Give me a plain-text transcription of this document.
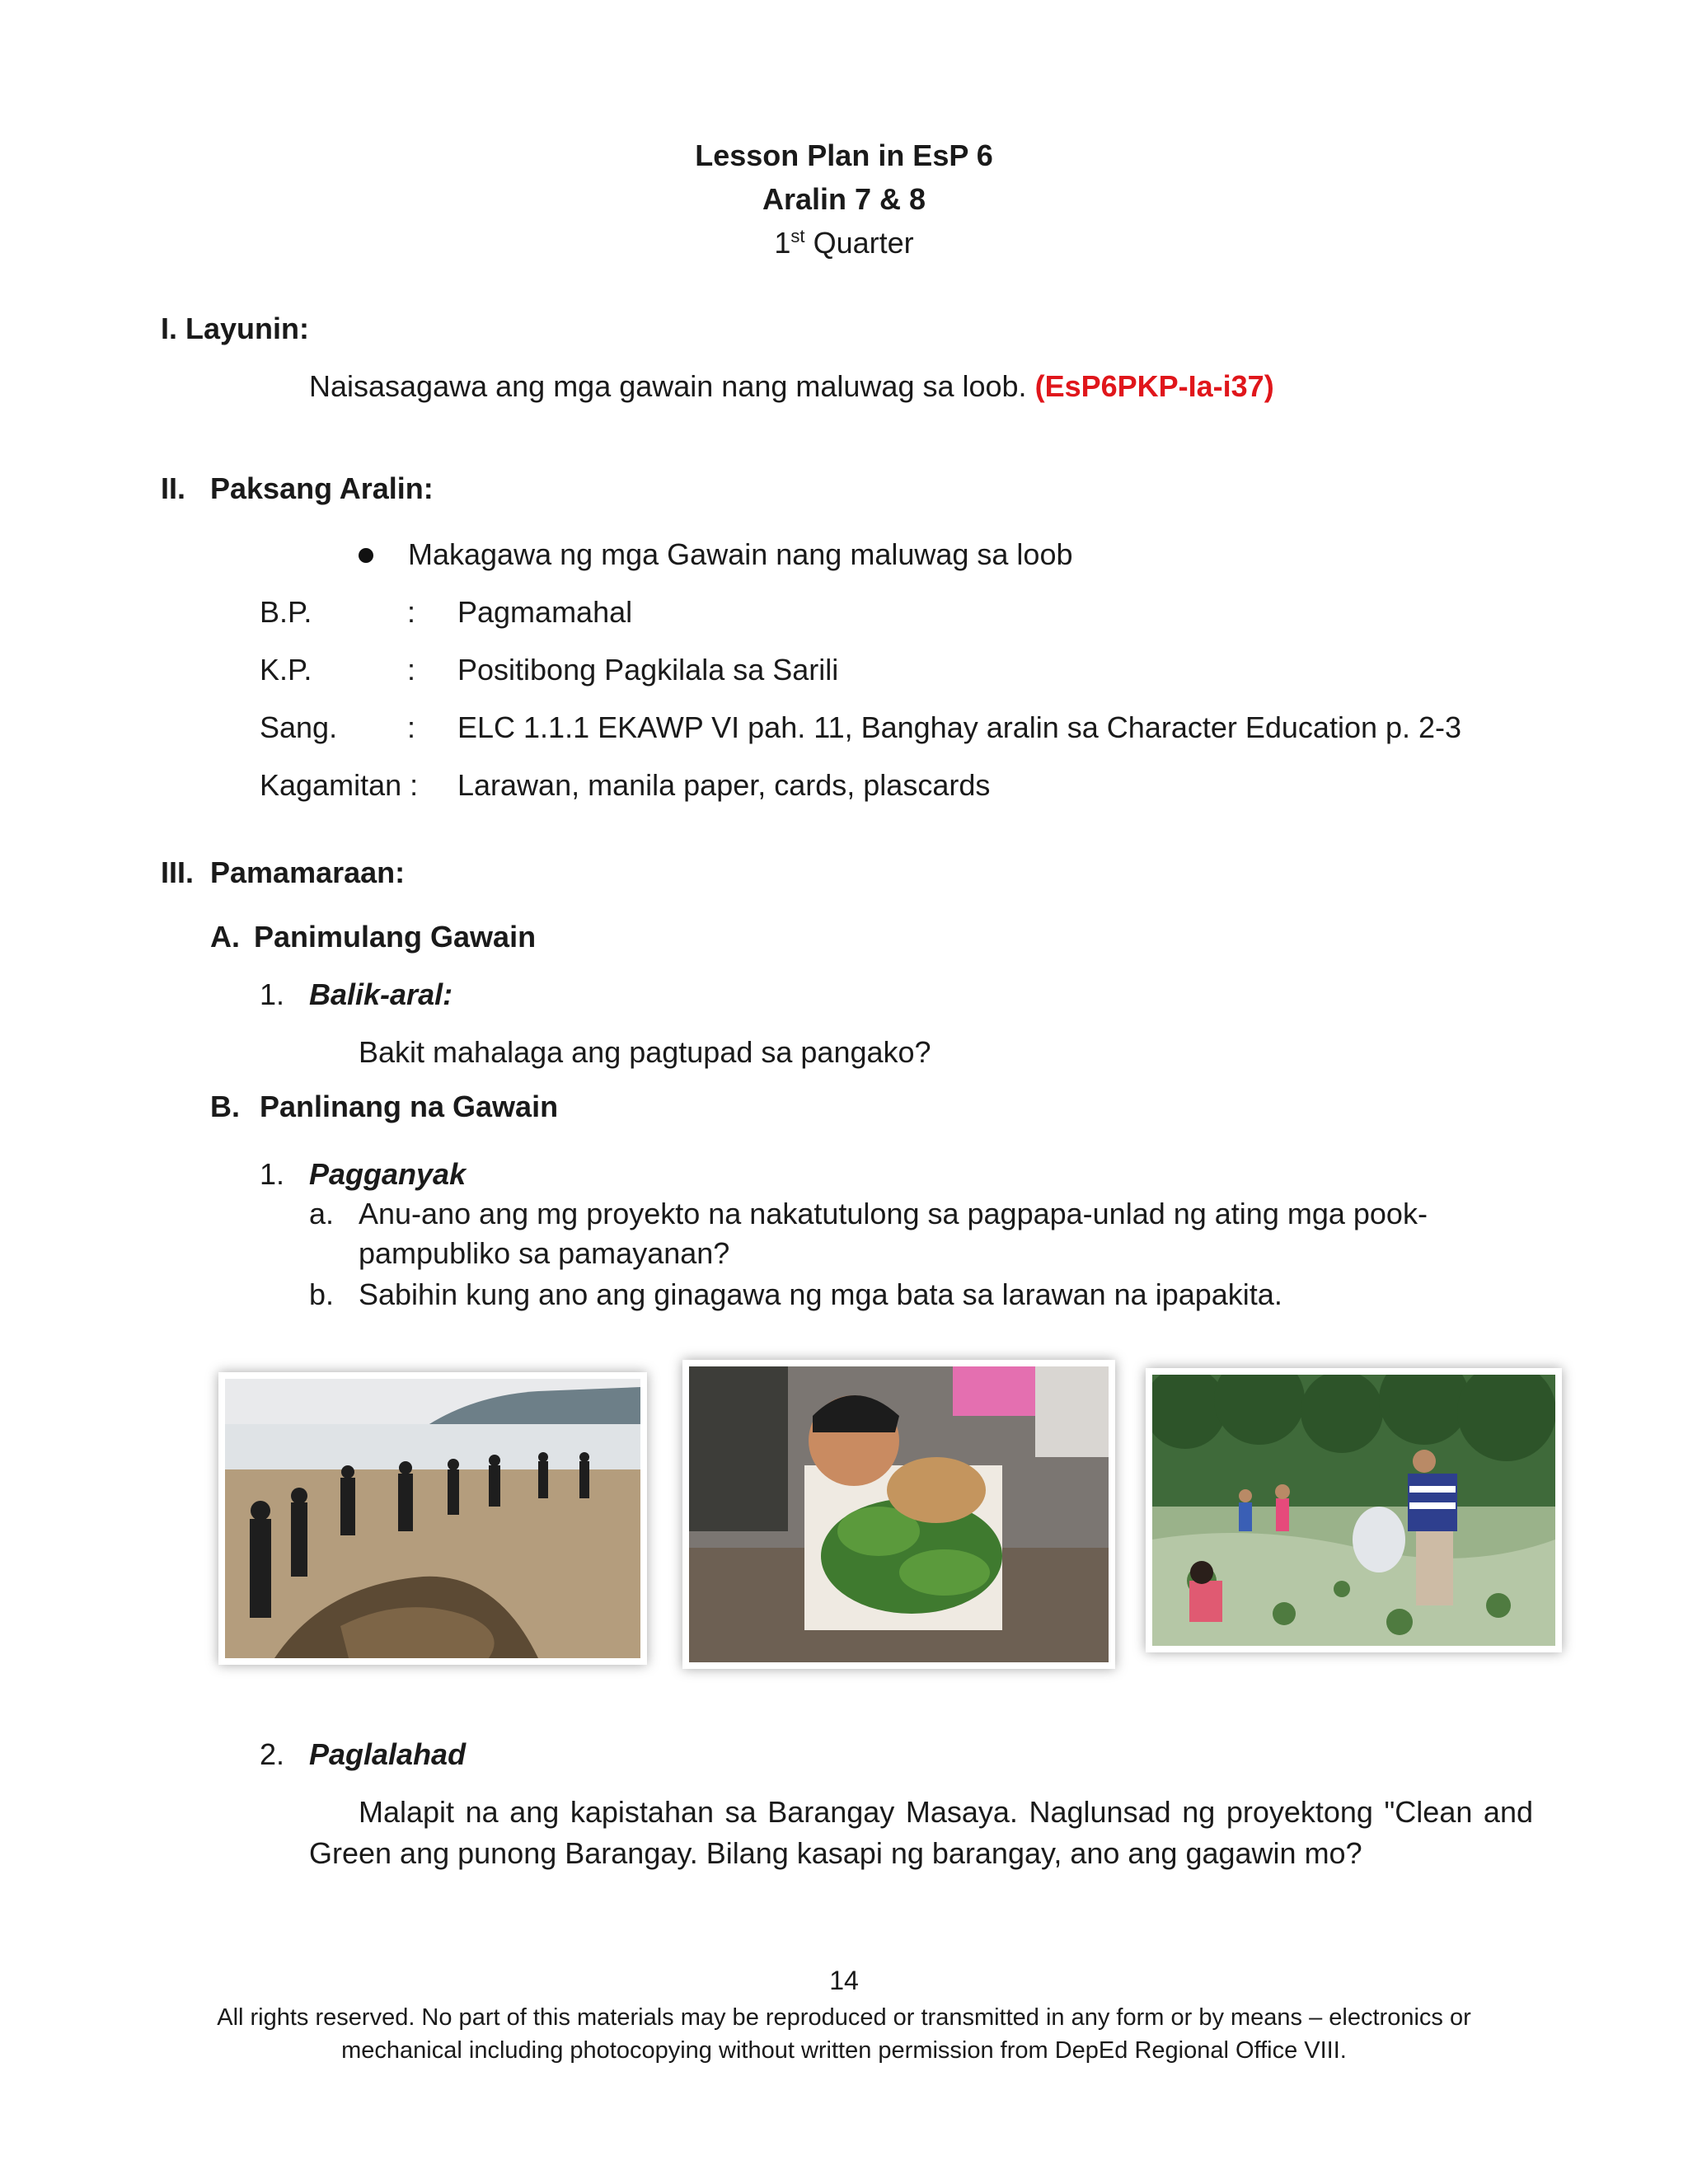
Lesson Plan in EsP 6
Aralin 7 & 8
1st Quarter
I. Layunin:
Naisasagawa ang mga gawain nang maluwag sa loob. (EsP6PKP-Ia-i37)
II. Paksang Aralin:
Makagawa ng mga Gawain nang maluwag sa loob
B.P.	: Pagmamahal
K.P.	: Positibong Pagkilala sa Sarili
Sang. : ELC 1.1.1 EKAWP VI pah. 11, Banghay aralin sa Character Education p. 2-3
Kagamitan : Larawan, manila paper, cards, plascards
III. Pamamaraan:
A. Panimulang Gawain
1. Balik-aral:
Bakit mahalaga ang pagtupad sa pangako?
B. Panlinang na Gawain
1. Pagganyak
a. Anu-ano ang mg proyekto na nakatutulong sa pagpapa-unlad ng ating mga pook-
pampubliko sa pamayanan?
b. Sabihin kung ano ang ginagawa ng mga bata sa larawan na ipapakita.
2. Paglalahad
Malapit na ang kapistahan sa Barangay Masaya. Naglunsad ng proyektong "Clean and
Green ang punong Barangay. Bilang kasapi ng barangay, ano ang gagawin mo?
14
All rights reserved. No part of this materials may be reproduced or transmitted in any form or by means – electronics or
mechanical including photocopying without written permission from DepEd Regional Office VIII.
